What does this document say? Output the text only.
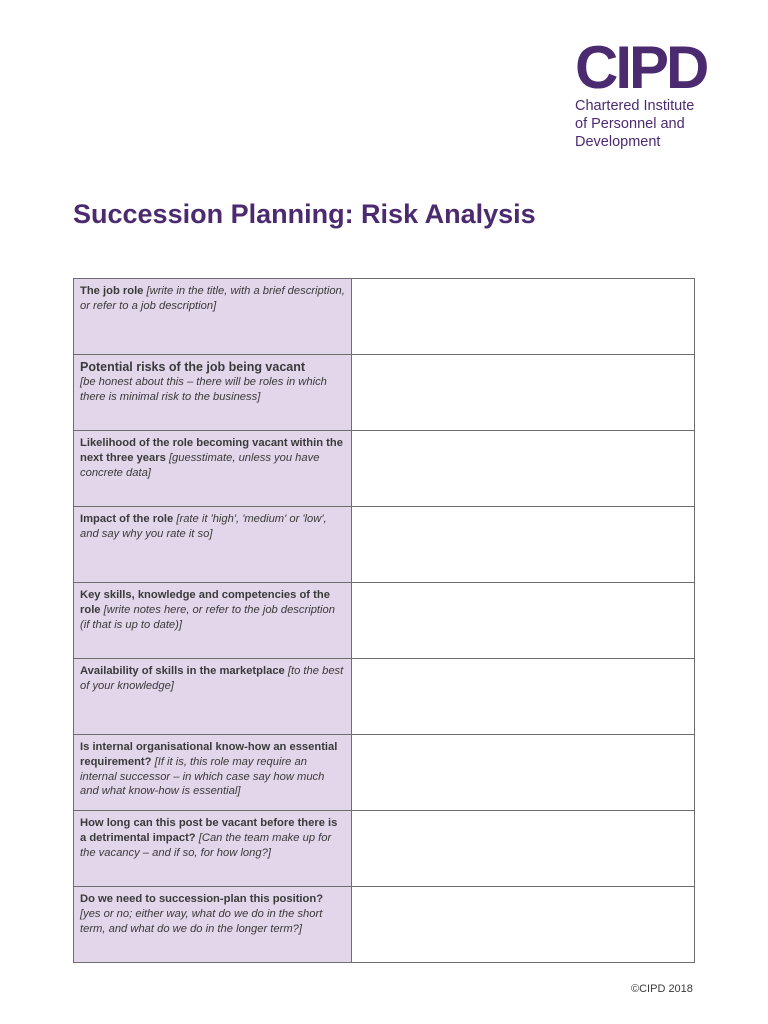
CIPD
Chartered Institute
of Personnel and
Development
Succession Planning: Risk Analysis
The job role [write in the title, with a brief description, or refer to a job description]	

Potential risks of the job being vacant
[be honest about this – there will be roles in which there is minimal risk to the business]	

Likelihood of the role becoming vacant within the next three years [guesstimate, unless you have concrete data]	
Impact of the role [rate it 'high', 'medium' or 'low', and say why you rate it so]	
Key skills, knowledge and competencies of the role [write notes here, or refer to the job description (if that is up to date)]	
Availability of skills in the marketplace [to the best of your knowledge]	
Is internal organisational know-how an essential requirement? [If it is, this role may require an internal successor – in which case say how much and what know-how is essential]	
How long can this post be vacant before there is a detrimental impact? [Can the team make up for the vacancy – and if so, for how long?]	
Do we need to succession-plan this position? [yes or no; either way, what do we do in the short term, and what do we do in the longer term?]	
©CIPD 2018
